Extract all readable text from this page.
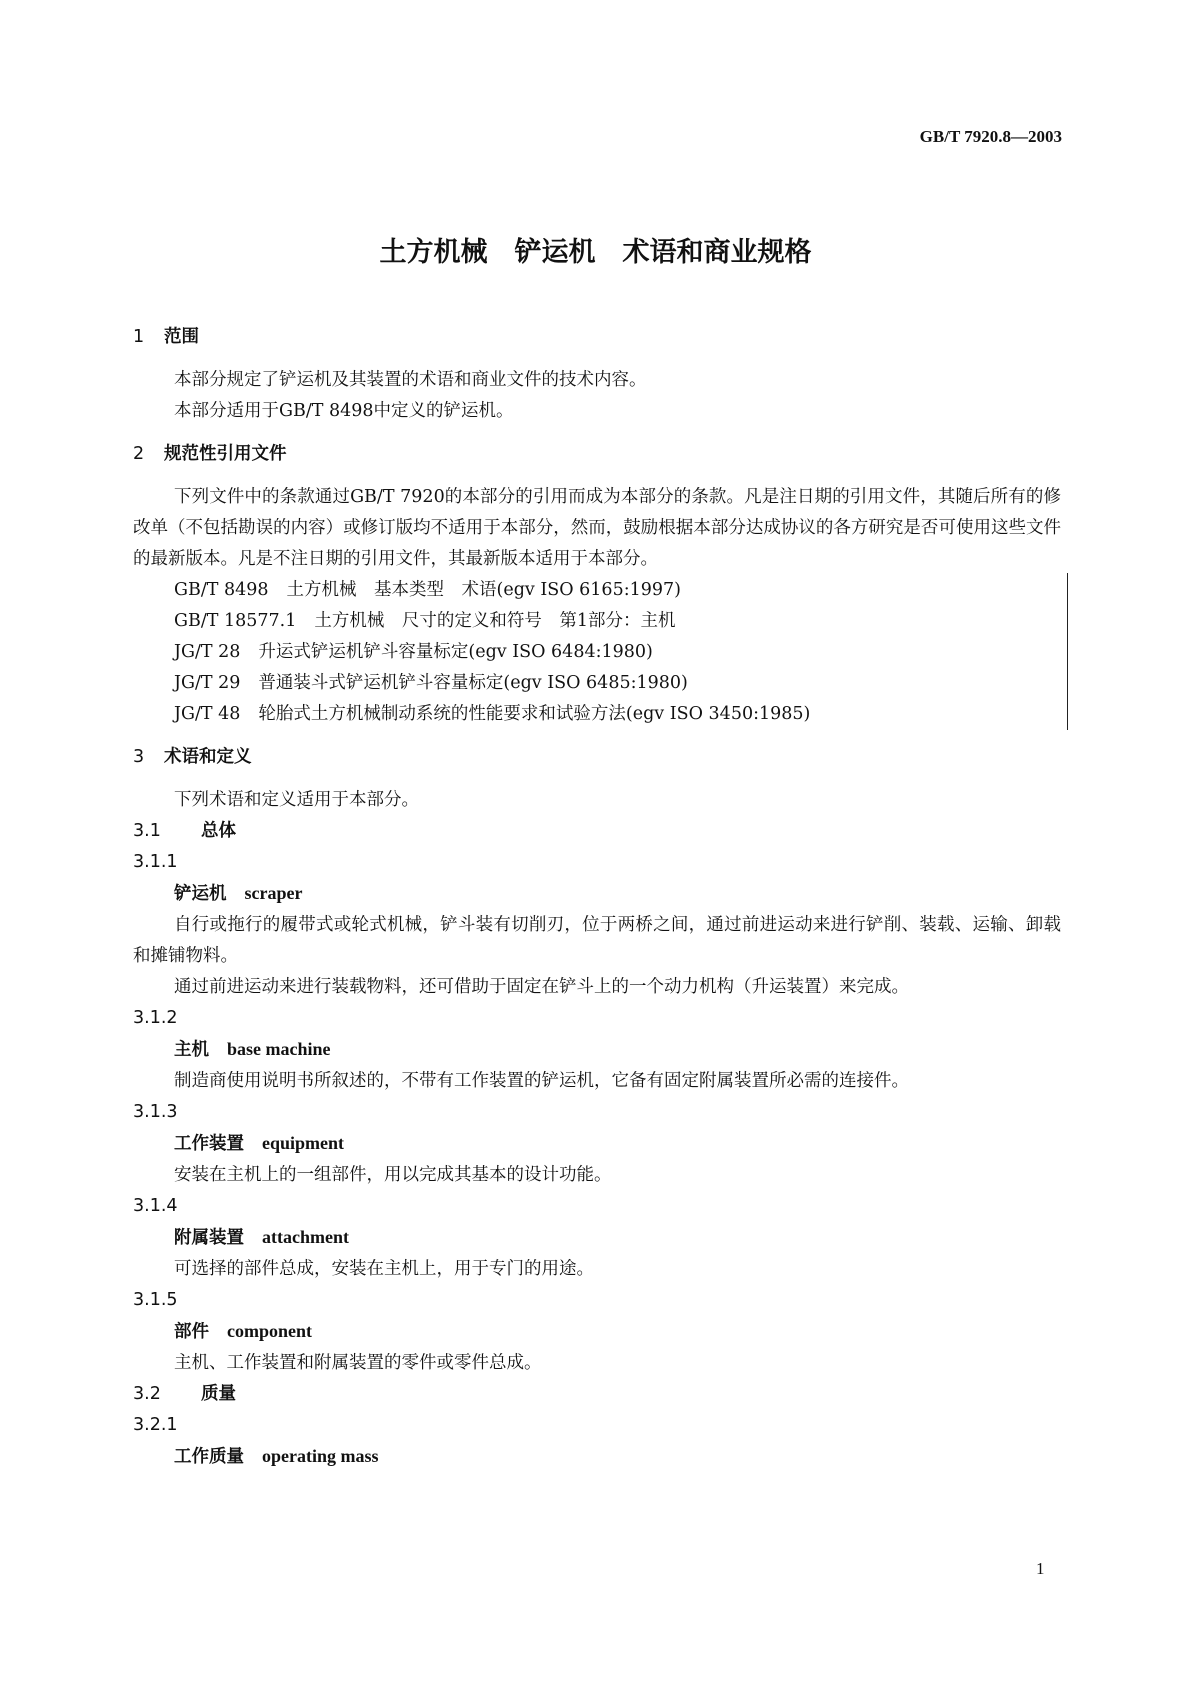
GB/T 7920.8—2003
土方机械　铲运机　术语和商业规格
1 范围
本部分规定了铲运机及其装置的术语和商业文件的技术内容。
本部分适用于GB/T 8498中定义的铲运机。
2 规范性引用文件
下列文件中的条款通过GB/T 7920的本部分的引用而成为本部分的条款。凡是注日期的引用文件，其随后所有的修改单（不包括勘误的内容）或修订版均不适用于本部分，然而，鼓励根据本部分达成协议的各方研究是否可使用这些文件的最新版本。凡是不注日期的引用文件，其最新版本适用于本部分。
GB/T 8498 土方机械　基本类型　术语(egv ISO 6165:1997)
GB/T 18577.1 土方机械　尺寸的定义和符号　第1部分：主机
JG/T 28 升运式铲运机铲斗容量标定(egv ISO 6484:1980)
JG/T 29 普通装斗式铲运机铲斗容量标定(egv ISO 6485:1980)
JG/T 48 轮胎式土方机械制动系统的性能要求和试验方法(egv ISO 3450:1985)
3 术语和定义
下列术语和定义适用于本部分。
3.1 总体
3.1.1
铲运机 scraper
自行或拖行的履带式或轮式机械，铲斗装有切削刃，位于两桥之间，通过前进运动来进行铲削、装载、运输、卸载和摊铺物料。
通过前进运动来进行装载物料，还可借助于固定在铲斗上的一个动力机构（升运装置）来完成。
3.1.2
主机 base machine
制造商使用说明书所叙述的，不带有工作装置的铲运机，它备有固定附属装置所必需的连接件。
3.1.3
工作装置 equipment
安装在主机上的一组部件，用以完成其基本的设计功能。
3.1.4
附属装置 attachment
可选择的部件总成，安装在主机上，用于专门的用途。
3.1.5
部件 component
主机、工作装置和附属装置的零件或零件总成。
3.2 质量
3.2.1
工作质量 operating mass
1
